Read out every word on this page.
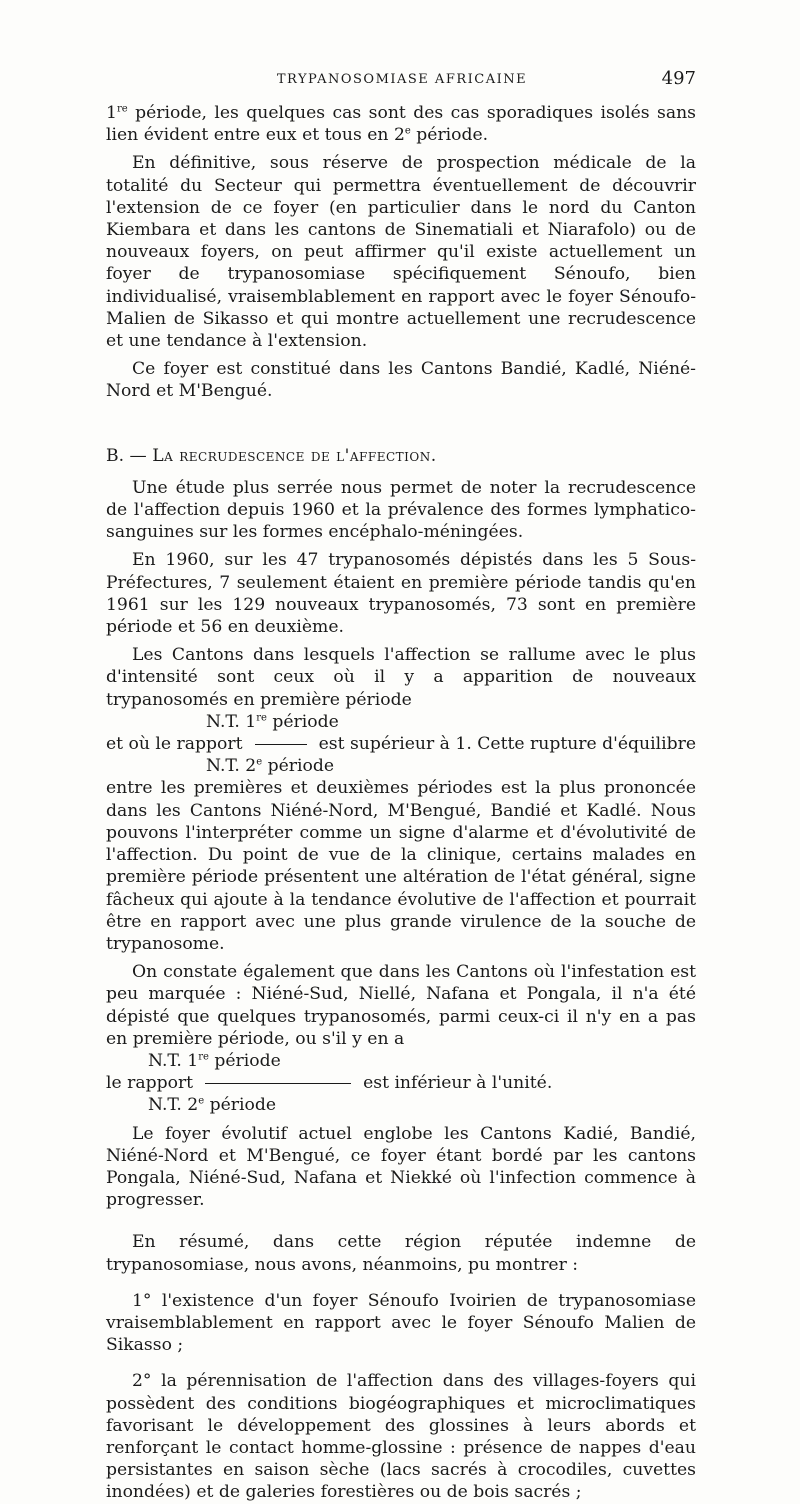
TRYPANOSOMIASE AFRICAINE	497

1re période, les quelques cas sont des cas sporadiques isolés sans lien évident entre eux et tous en 2e période.

En définitive, sous réserve de prospection médicale de la totalité du Secteur qui permettra éventuellement de découvrir l'extension de ce foyer (en particulier dans le nord du Canton Kiembara et dans les cantons de Sinematiali et Niarafolo) ou de nouveaux foyers, on peut affirmer qu'il existe actuellement un foyer de trypanosomiase spécifiquement Sénoufo, bien individualisé, vraisemblablement en rapport avec le foyer Sénoufo-Malien de Sikasso et qui montre actuellement une recrudescence et une tendance à l'extension.

Ce foyer est constitué dans les Cantons Bandié, Kadlé, Niéné-Nord et M'Bengué.

B. — La recrudescence de l'affection.

Une étude plus serrée nous permet de noter la recrudescence de l'affection depuis 1960 et la prévalence des formes lymphatico-sanguines sur les formes encéphalo-méningées.

En 1960, sur les 47 trypanosomés dépistés dans les 5 Sous-Préfectures, 7 seulement étaient en première période tandis qu'en 1961 sur les 129 nouveaux trypanosomés, 73 sont en première période et 56 en deuxième.

Les Cantons dans lesquels l'affection se rallume avec le plus d'intensité sont ceux où il y a apparition de nouveaux trypanosomés en première période

N.T. 1re période
et où le rapport	est supérieur à 1. Cette rupture d'équilibre
N.T. 2e période

entre les premières et deuxièmes périodes est la plus prononcée dans les Cantons Niéné-Nord, M'Bengué, Bandié et Kadlé. Nous pouvons l'interpréter comme un signe d'alarme et d'évolutivité de l'affection. Du point de vue de la clinique, certains malades en première période présentent une altération de l'état général, signe fâcheux qui ajoute à la tendance évolutive de l'affection et pourrait être en rapport avec une plus grande virulence de la souche de trypanosome.

On constate également que dans les Cantons où l'infestation est peu marquée : Niéné-Sud, Niellé, Nafana et Pongala, il n'a été dépisté que quelques trypanosomés, parmi ceux-ci il n'y en a pas en première période, ou s'il y en a

N.T. 1re période
le rapport	est inférieur à l'unité.
N.T. 2e période

Le foyer évolutif actuel englobe les Cantons Kadié, Bandié, Niéné-Nord et M'Bengué, ce foyer étant bordé par les cantons Pongala, Niéné-Sud, Nafana et Niekké où l'infection commence à progresser.

En résumé, dans cette région réputée indemne de trypanosomiase, nous avons, néanmoins, pu montrer :

1° l'existence d'un foyer Sénoufo Ivoirien de trypanosomiase vraisemblablement en rapport avec le foyer Sénoufo Malien de Sikasso ;

2° la pérennisation de l'affection dans des villages-foyers qui possèdent des conditions biogéographiques et microclimatiques favorisant le développement des glossines à leurs abords et renforçant le contact homme-glossine : présence de nappes d'eau persistantes en saison sèche (lacs sacrés à crocodiles, cuvettes inondées) et de galeries forestières ou de bois sacrés ;
